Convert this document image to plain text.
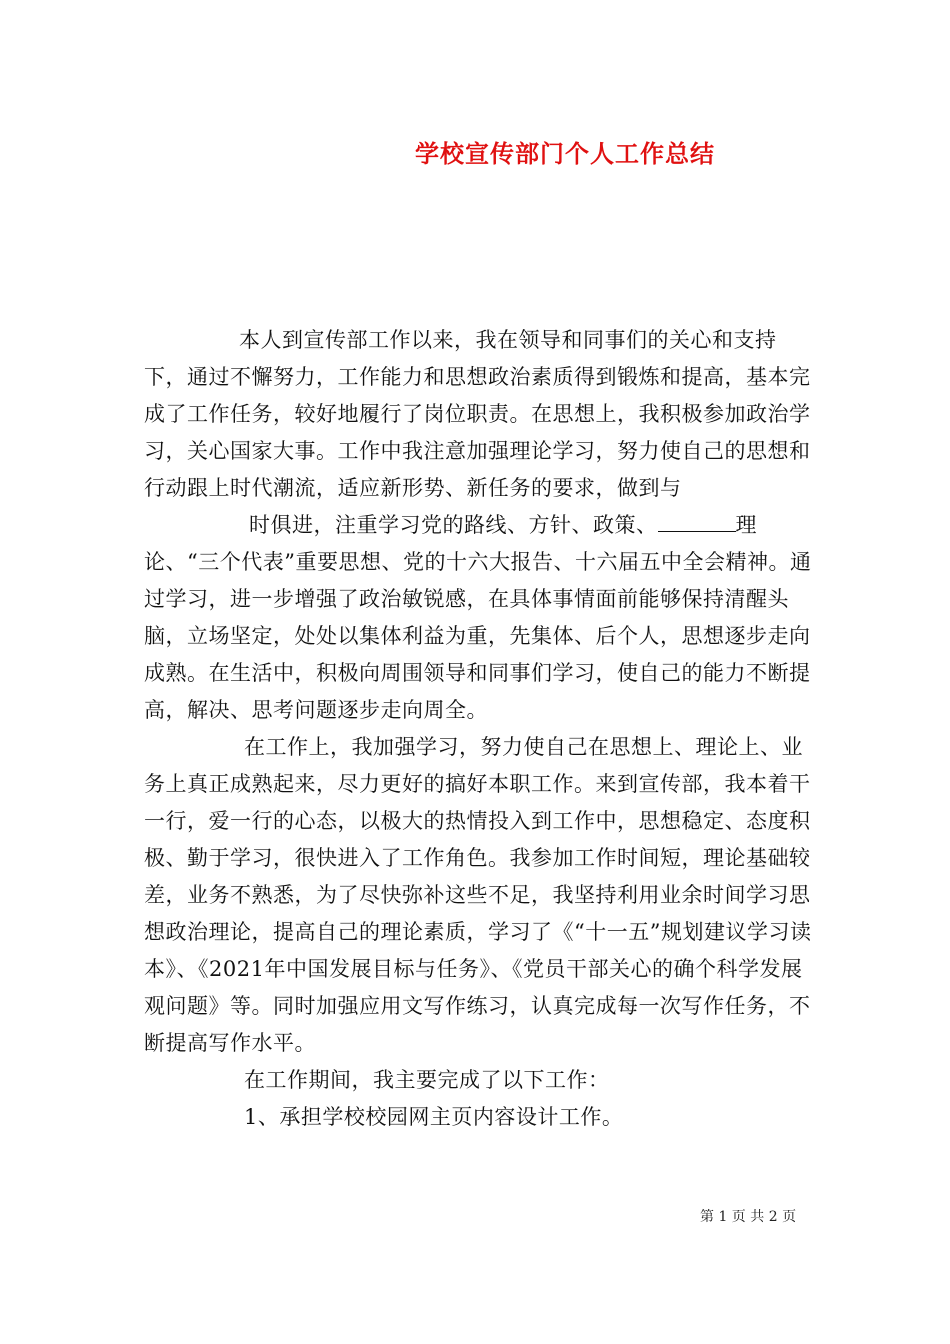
学校宣传部门个人工作总结

本人到宣传部工作以来，我在领导和同事们的关心和支持下，通过不懈努力，工作能力和思想政治素质得到锻炼和提高，基本完成了工作任务，较好地履行了岗位职责。在思想上，我积极参加政治学习，关心国家大事。工作中我注意加强理论学习，努力使自己的思想和行动跟上时代潮流，适应新形势、新任务的要求，做到与

时俱进，注重学习党的路线、方针、政策、	理论、“三个代表”重要思想、党的十六大报告、十六届五中全会精神。通过学习，进一步增强了政治敏锐感，在具体事情面前能够保持清醒头脑，立场坚定，处处以集体利益为重，先集体、后个人，思想逐步走向成熟。在生活中，积极向周围领导和同事们学习，使自己的能力不断提高，解决、思考问题逐步走向周全。

在工作上，我加强学习，努力使自己在思想上、理论上、业务上真正成熟起来，尽力更好的搞好本职工作。来到宣传部，我本着干一行，爱一行的心态，以极大的热情投入到工作中，思想稳定、态度积极、勤于学习，很快进入了工作角色。我参加工作时间短，理论基础较差，业务不熟悉，为了尽快弥补这些不足，我坚持利用业余时间学习思想政治理论，提高自己的理论素质，学习了《“十一五”规划建议学习读本》、《2021年中国发展目标与任务》、《党员干部关心的确个科学发展观问题》等。同时加强应用文写作练习，认真完成每一次写作任务，不断提高写作水平。

在工作期间，我主要完成了以下工作：

1、承担学校校园网主页内容设计工作。

第 1 页 共 2 页
